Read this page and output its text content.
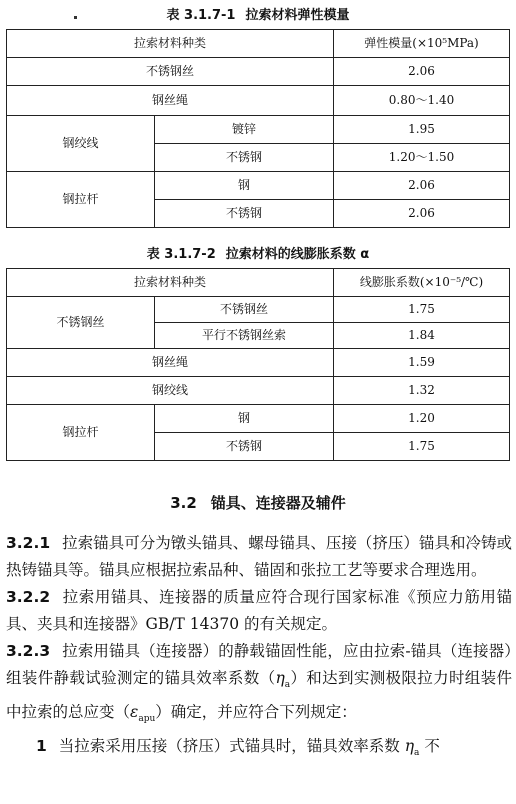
表 3.1.7-1 拉索材料弹性模量
拉索材料种类		弹性模量(×10⁵MPa)
不锈钢丝		2.06
钢丝绳		0.80～1.40
钢绞线	镀锌	1.95
	不锈钢	1.20～1.50
钢拉杆	钢	2.06
	不锈钢	2.06
表 3.1.7-2 拉索材料的线膨胀系数 α
拉索材料种类		线膨胀系数(×10⁻⁵/℃)
不锈钢丝	不锈钢丝	1.75
	平行不锈钢丝索	1.84
钢丝绳		1.59
钢绞线		1.32
钢拉杆	钢	1.20
	不锈钢	1.75
3.2 锚具、连接器及辅件

3.2.1 拉索锚具可分为镦头锚具、螺母锚具、压接（挤压）锚具和冷铸或热铸锚具等。锚具应根据拉索品种、锚固和张拉工艺等要求合理选用。

3.2.2 拉索用锚具、连接器的质量应符合现行国家标准《预应力筋用锚具、夹具和连接器》GB/T 14370 的有关规定。

3.2.3 拉索用锚具（连接器）的静载锚固性能，应由拉索-锚具（连接器）组装件静载试验测定的锚具效率系数$(\eta_a)$和达到实测极限拉力时组装件中拉索的总应变$(\varepsilon_{apu})$确定，并应符合下列规定：

1 当拉索采用压接（挤压）式锚具时，锚具效率系数 $\eta_a$ 不
